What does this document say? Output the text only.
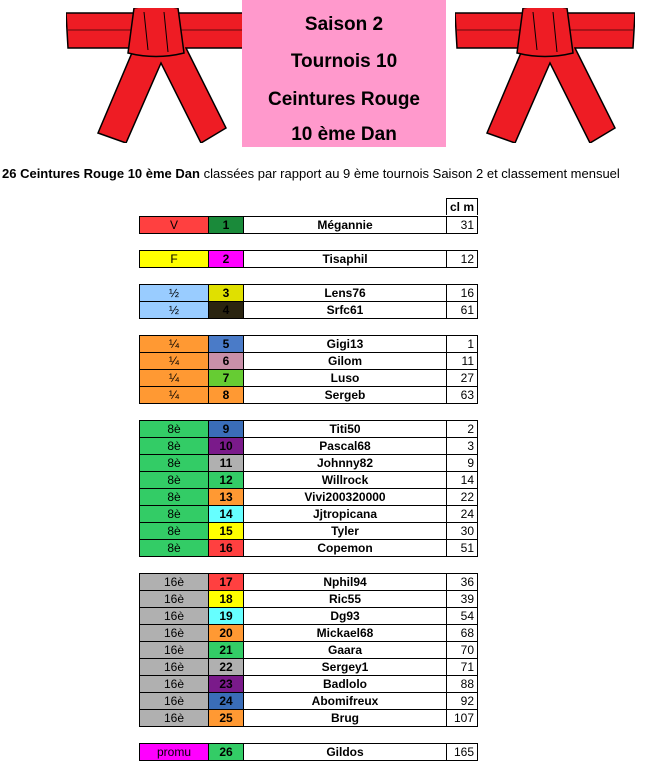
Saison 2
Tournois 10
Ceintures Rouge
10 ème Dan
26 Ceintures Rouge 10 ème Dan classées par rapport au 9 ème tournois Saison 2 et classement mensuel
cl m
V	1	Mégannie	31
F	2	Tisaphil	12
½	3	Lens76	16
½	4	Srfc61	61
¼	5	Gigi13	1
¼	6	Gilom	11
¼	7	Luso	27
¼	8	Sergeb	63
8è	9	Titi50	2
8è	10	Pascal68	3
8è	11	Johnny82	9
8è	12	Willrock	14
8è	13	Vivi200320000	22
8è	14	Jjtropicana	24
8è	15	Tyler	30
8è	16	Copemon	51
16è	17	Nphil94	36
16è	18	Ric55	39
16è	19	Dg93	54
16è	20	Mickael68	68
16è	21	Gaara	70
16è	22	Sergey1	71
16è	23	Badlolo	88
16è	24	Abomifreux	92
16è	25	Brug	107
promu	26	Gildos	165
